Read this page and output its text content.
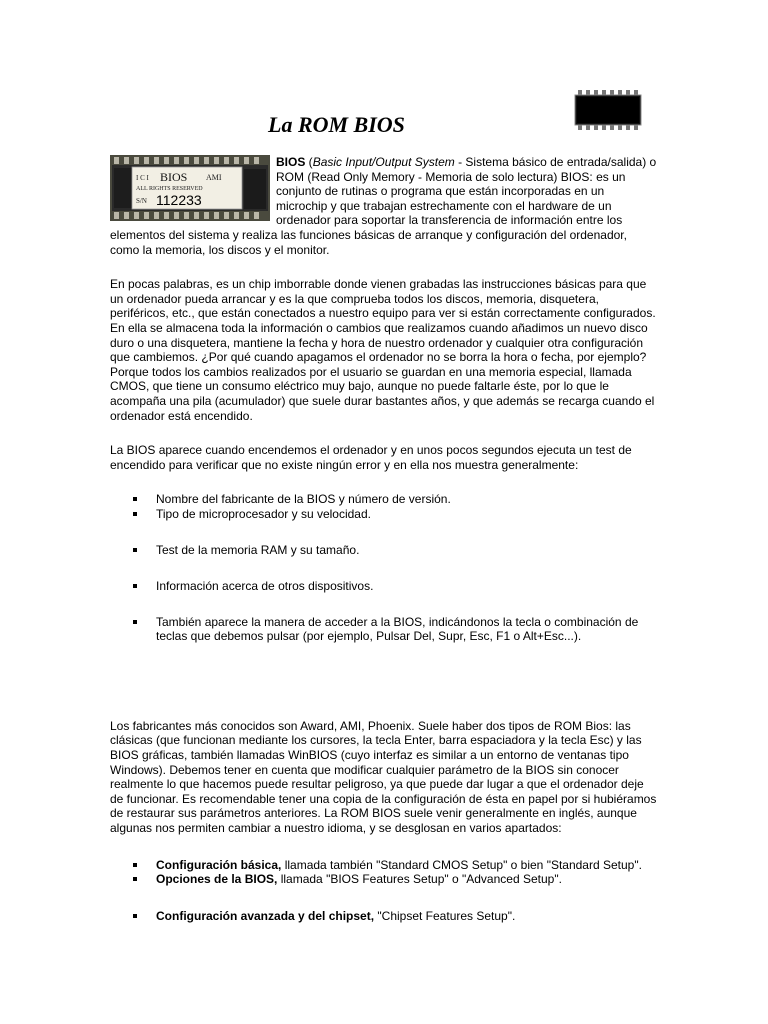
La ROM BIOS
I C I BIOS AMI
ALL RIGHTS RESERVED
S/N 112233

BIOS (Basic Input/Output System - Sistema básico de entrada/salida) o ROM (Read Only Memory - Memoria de solo lectura) BIOS: es un conjunto de rutinas o programa que están incorporadas en un microchip y que trabajan estrechamente con el hardware de un ordenador para soportar la transferencia de información entre los elementos del sistema y realiza las funciones básicas de arranque y configuración del ordenador, como la memoria, los discos y el monitor.

En pocas palabras, es un chip imborrable donde vienen grabadas las instrucciones básicas para que un ordenador pueda arrancar y es la que comprueba todos los discos, memoria, disquetera, periféricos, etc., que están conectados a nuestro equipo para ver si están correctamente configurados. En ella se almacena toda la información o cambios que realizamos cuando añadimos un nuevo disco duro o una disquetera, mantiene la fecha y hora de nuestro ordenador y cualquier otra configuración que cambiemos. ¿Por qué cuando apagamos el ordenador no se borra la hora o fecha, por ejemplo? Porque todos los cambios realizados por el usuario se guardan en una memoria especial, llamada CMOS, que tiene un consumo eléctrico muy bajo, aunque no puede faltarle éste, por lo que le acompaña una pila (acumulador) que suele durar bastantes años, y que además se recarga cuando el ordenador está encendido.

La BIOS aparece cuando encendemos el ordenador y en unos pocos segundos ejecuta un test de encendido para verificar que no existe ningún error y en ella nos muestra generalmente:

Nombre del fabricante de la BIOS y número de versión.
Tipo de microprocesador y su velocidad.
Test de la memoria RAM y su tamaño.
Información acerca de otros dispositivos.
También aparece la manera de acceder a la BIOS, indicándonos la tecla o combinación de teclas que debemos pulsar (por ejemplo, Pulsar Del, Supr, Esc, F1 o Alt+Esc...).

Los fabricantes más conocidos son Award, AMI, Phoenix. Suele haber dos tipos de ROM Bios: las clásicas (que funcionan mediante los cursores, la tecla Enter, barra espaciadora y la tecla Esc) y las BIOS gráficas, también llamadas WinBIOS (cuyo interfaz es similar a un entorno de ventanas tipo Windows). Debemos tener en cuenta que modificar cualquier parámetro de la BIOS sin conocer realmente lo que hacemos puede resultar peligroso, ya que puede dar lugar a que el ordenador deje de funcionar. Es recomendable tener una copia de la configuración de ésta en papel por si hubiéramos de restaurar sus parámetros anteriores. La ROM BIOS suele venir generalmente en inglés, aunque algunas nos permiten cambiar a nuestro idioma, y se desglosan en varios apartados:

Configuración básica, llamada también "Standard CMOS Setup" o bien "Standard Setup".
Opciones de la BIOS, llamada "BIOS Features Setup" o "Advanced Setup".
Configuración avanzada y del chipset, "Chipset Features Setup".
